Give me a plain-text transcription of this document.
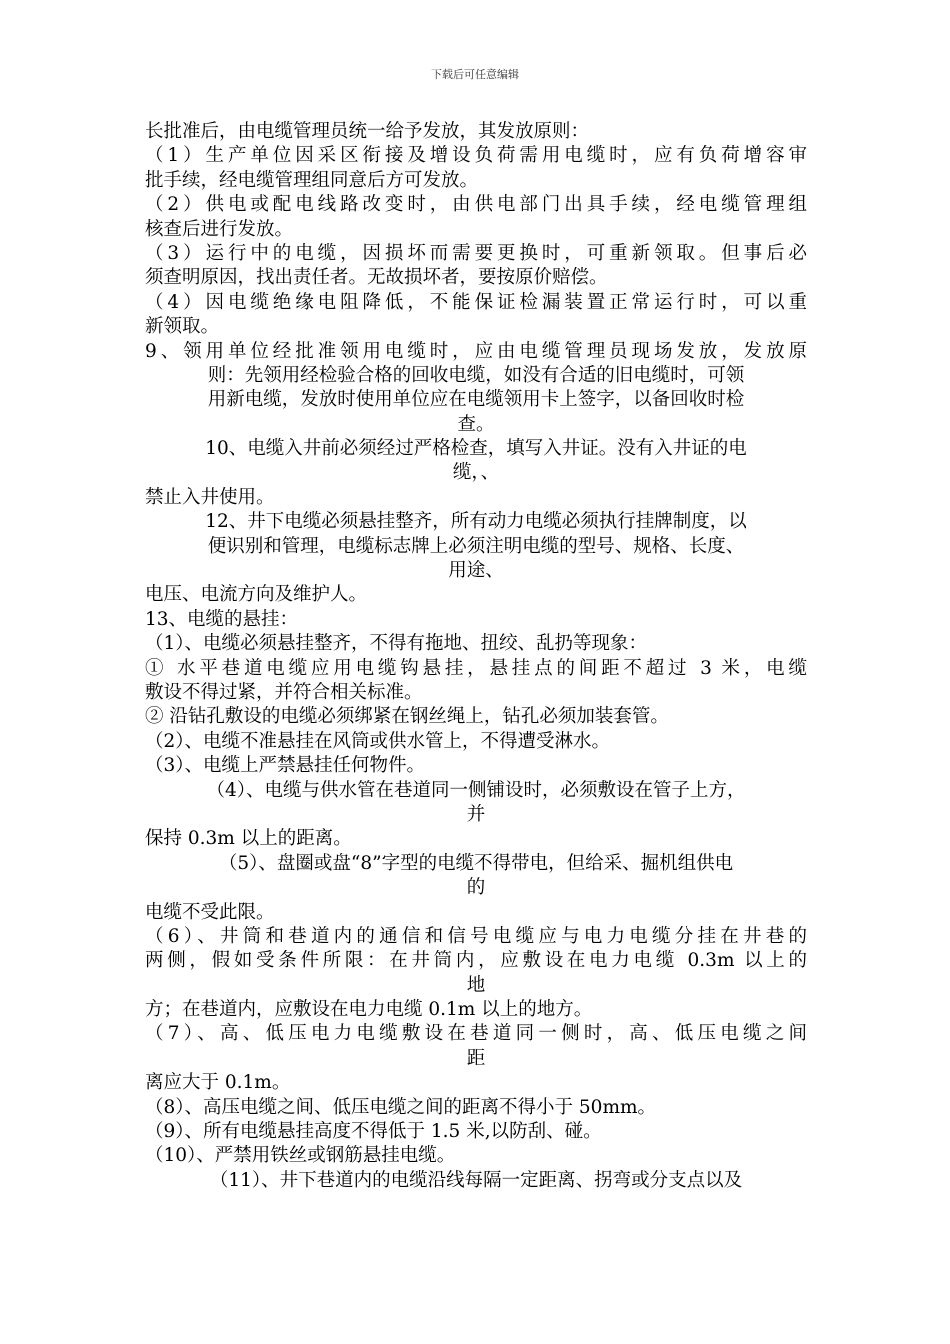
下载后可任意编辑
长批准后，由电缆管理员统一给予发放，其发放原则：
（1）生产单位因采区衔接及增设负荷需用电缆时，应有负荷增容审
批手续，经电缆管理组同意后方可发放。
（2）供电或配电线路改变时，由供电部门出具手续，经电缆管理组
核查后进行发放。
（3）运行中的电缆，因损坏而需要更换时，可重新领取。但事后必
须查明原因，找出责任者。无故损坏者，要按原价赔偿。
（4）因电缆绝缘电阻降低，不能保证检漏装置正常运行时，可以重
新领取。
9、领用单位经批准领用电缆时，应由电缆管理员现场发放，发放原
则：先领用经检验合格的回收电缆，如没有合适的旧电缆时，可领
用新电缆，发放时使用单位应在电缆领用卡上签字，以备回收时检
查。
10、电缆入井前必须经过严格检查，填写入井证。没有入井证的电
缆，、
禁止入井使用。
12、井下电缆必须悬挂整齐，所有动力电缆必须执行挂牌制度，以
便识别和管理，电缆标志牌上必须注明电缆的型号、规格、长度、
用途、
电压、电流方向及维护人。
13、电缆的悬挂：
（1）、电缆必须悬挂整齐，不得有拖地、扭绞、乱扔等现象：
① 水平巷道电缆应用电缆钩悬挂，悬挂点的间距不超过 3 米，电缆
敷设不得过紧，并符合相关标准。
② 沿钻孔敷设的电缆必须绑紧在钢丝绳上，钻孔必须加装套管。
（2）、电缆不准悬挂在风筒或供水管上，不得遭受淋水。
（3）、电缆上严禁悬挂任何物件。
（4）、电缆与供水管在巷道同一侧铺设时，必须敷设在管子上方，
并
保持 0.3m 以上的距离。
（5）、盘圈或盘“8”字型的电缆不得带电，但给采、掘机组供电
的
电缆不受此限。
（6）、井筒和巷道内的通信和信号电缆应与电力电缆分挂在井巷的
两侧，假如受条件所限：在井筒内，应敷设在电力电缆 0.3m 以上的
地
方；在巷道内，应敷设在电力电缆 0.1m 以上的地方。
（7）、高、低压电力电缆敷设在巷道同一侧时，高、低压电缆之间
距
离应大于 0.1m。
（8）、高压电缆之间、低压电缆之间的距离不得小于 50mm。
（9）、所有电缆悬挂高度不得低于 1.5 米,以防刮、碰。
（10）、严禁用铁丝或钢筋悬挂电缆。
（11）、井下巷道内的电缆沿线每隔一定距离、拐弯或分支点以及
